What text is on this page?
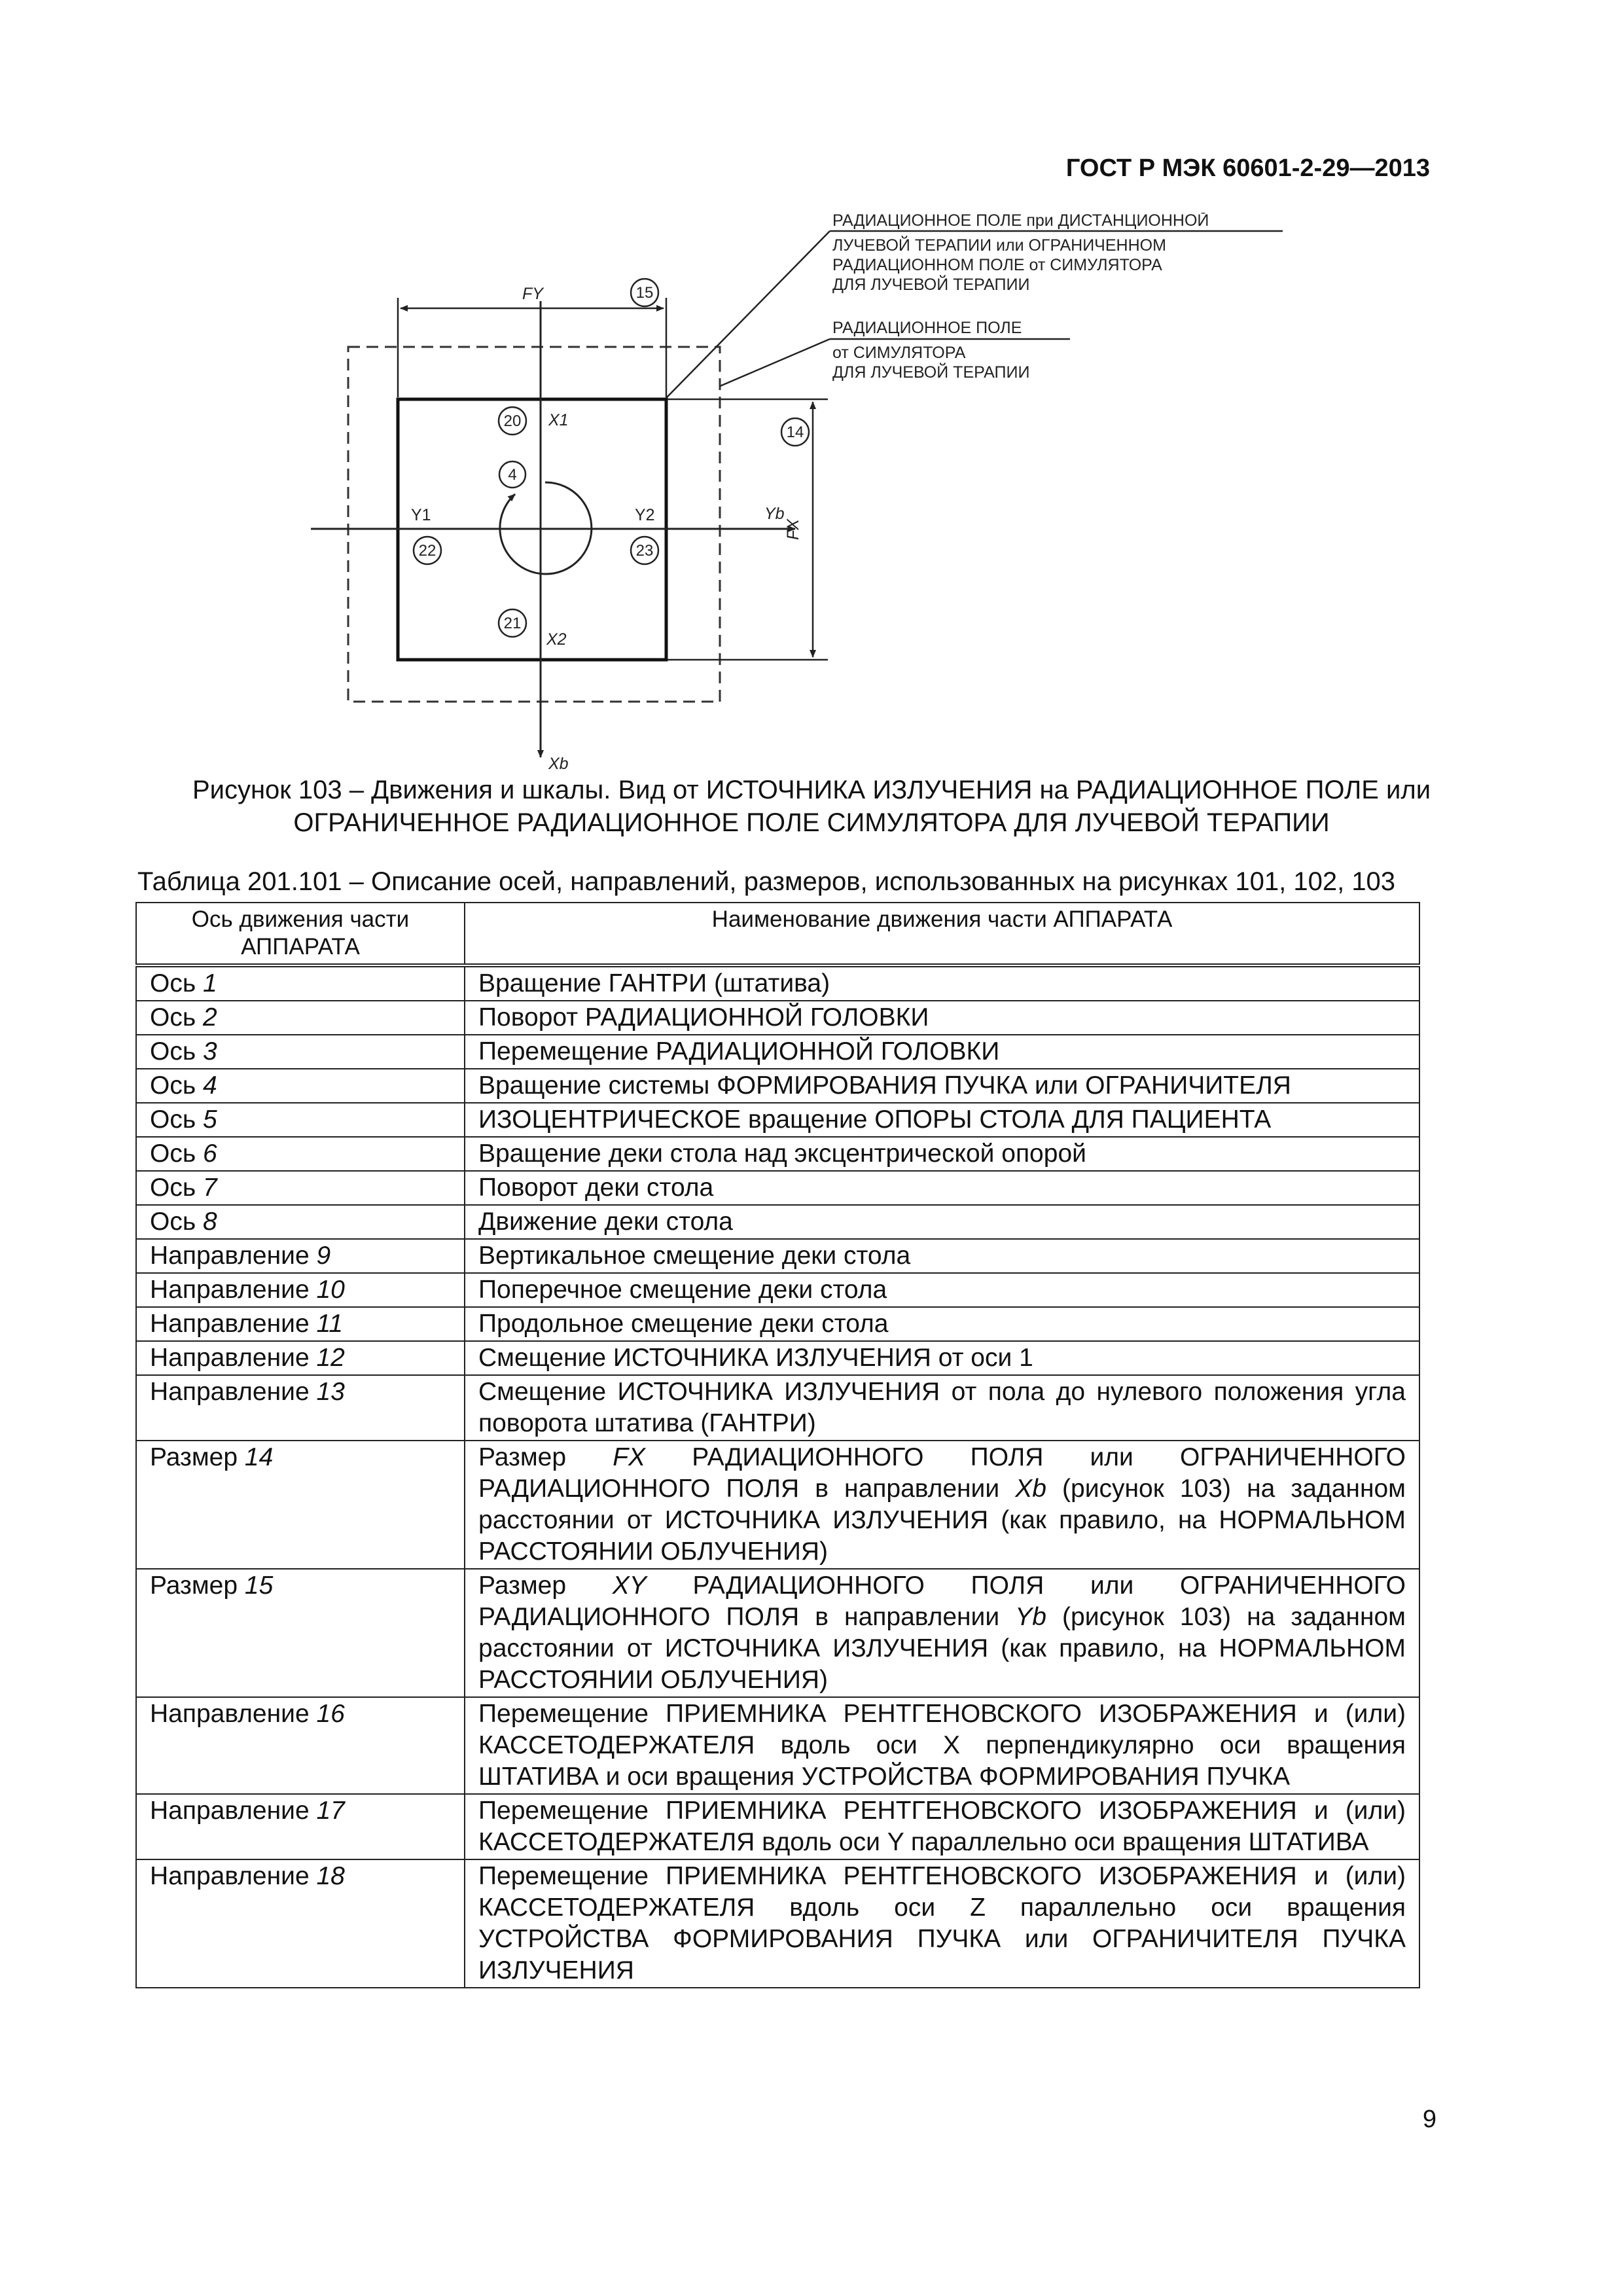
ГОСТ Р МЭК 60601-2-29—2013
FY	15
FX
14
РАДИАЦИОННОЕ ПОЛЕ при ДИСТАНЦИОННОЙ
ЛУЧЕВОЙ ТЕРАПИИ или ОГРАНИЧЕННОМ
РАДИАЦИОННОМ ПОЛЕ от СИМУЛЯТОРА
ДЛЯ ЛУЧЕВОЙ ТЕРАПИИ
РАДИАЦИОННОЕ ПОЛЕ
от СИМУЛЯТОРА
ДЛЯ ЛУЧЕВОЙ ТЕРАПИИ
20 X1
4
Y1	Y2	Yb
22	23
21
X2
Xb
Рисунок 103 – Движения и шкалы. Вид от ИСТОЧНИКА ИЗЛУЧЕНИЯ на РАДИАЦИОННОЕ ПОЛЕ или
ОГРАНИЧЕННОЕ РАДИАЦИОННОЕ ПОЛЕ СИМУЛЯТОРА ДЛЯ ЛУЧЕВОЙ ТЕРАПИИ
Таблица 201.101 – Описание осей, направлений, размеров, использованных на рисунках 101, 102, 103
Ось движения части АППАРАТА	Наименование движения части АППАРАТА
Ось 1	Вращение ГАНТРИ (штатива)
Ось 2	Поворот РАДИАЦИОННОЙ ГОЛОВКИ
Ось 3	Перемещение РАДИАЦИОННОЙ ГОЛОВКИ
Ось 4	Вращение системы ФОРМИРОВАНИЯ ПУЧКА или ОГРАНИЧИТЕЛЯ
Ось 5	ИЗОЦЕНТРИЧЕСКОЕ вращение ОПОРЫ СТОЛА ДЛЯ ПАЦИЕНТА
Ось 6	Вращение деки стола над эксцентрической опорой
Ось 7	Поворот деки стола
Ось 8	Движение деки стола
Направление 9	Вертикальное смещение деки стола
Направление 10	Поперечное смещение деки стола
Направление 11	Продольное смещение деки стола
Направление 12	Смещение ИСТОЧНИКА ИЗЛУЧЕНИЯ от оси 1
Направление 13	Смещение ИСТОЧНИКА ИЗЛУЧЕНИЯ от пола до нулевого положения угла поворота штатива (ГАНТРИ)
Размер 14	Размер FX РАДИАЦИОННОГО ПОЛЯ или ОГРАНИЧЕННОГО РАДИАЦИОННОГО ПОЛЯ в направлении Xb (рисунок 103) на заданном расстоянии от ИСТОЧНИКА ИЗЛУЧЕНИЯ (как правило, на НОРМАЛЬНОМ РАССТОЯНИИ ОБЛУЧЕНИЯ)
Размер 15	Размер XY РАДИАЦИОННОГО ПОЛЯ или ОГРАНИЧЕННОГО РАДИАЦИОННОГО ПОЛЯ в направлении Yb (рисунок 103) на заданном расстоянии от ИСТОЧНИКА ИЗЛУЧЕНИЯ (как правило, на НОРМАЛЬНОМ РАССТОЯНИИ ОБЛУЧЕНИЯ)
Направление 16	Перемещение ПРИЕМНИКА РЕНТГЕНОВСКОГО ИЗОБРАЖЕНИЯ и (или) КАССЕТОДЕРЖАТЕЛЯ вдоль оси X перпендикулярно оси вращения ШТАТИВА и оси вращения УСТРОЙСТВА ФОРМИРОВАНИЯ ПУЧКА
Направление 17	Перемещение ПРИЕМНИКА РЕНТГЕНОВСКОГО ИЗОБРАЖЕНИЯ и (или) КАССЕТОДЕРЖАТЕЛЯ вдоль оси Y параллельно оси вращения ШТАТИВА
Направление 18	Перемещение ПРИЕМНИКА РЕНТГЕНОВСКОГО ИЗОБРАЖЕНИЯ и (или) КАССЕТОДЕРЖАТЕЛЯ вдоль оси Z параллельно оси вращения УСТРОЙСТВА ФОРМИРОВАНИЯ ПУЧКА или ОГРАНИЧИТЕЛЯ ПУЧКА ИЗЛУЧЕНИЯ
9
